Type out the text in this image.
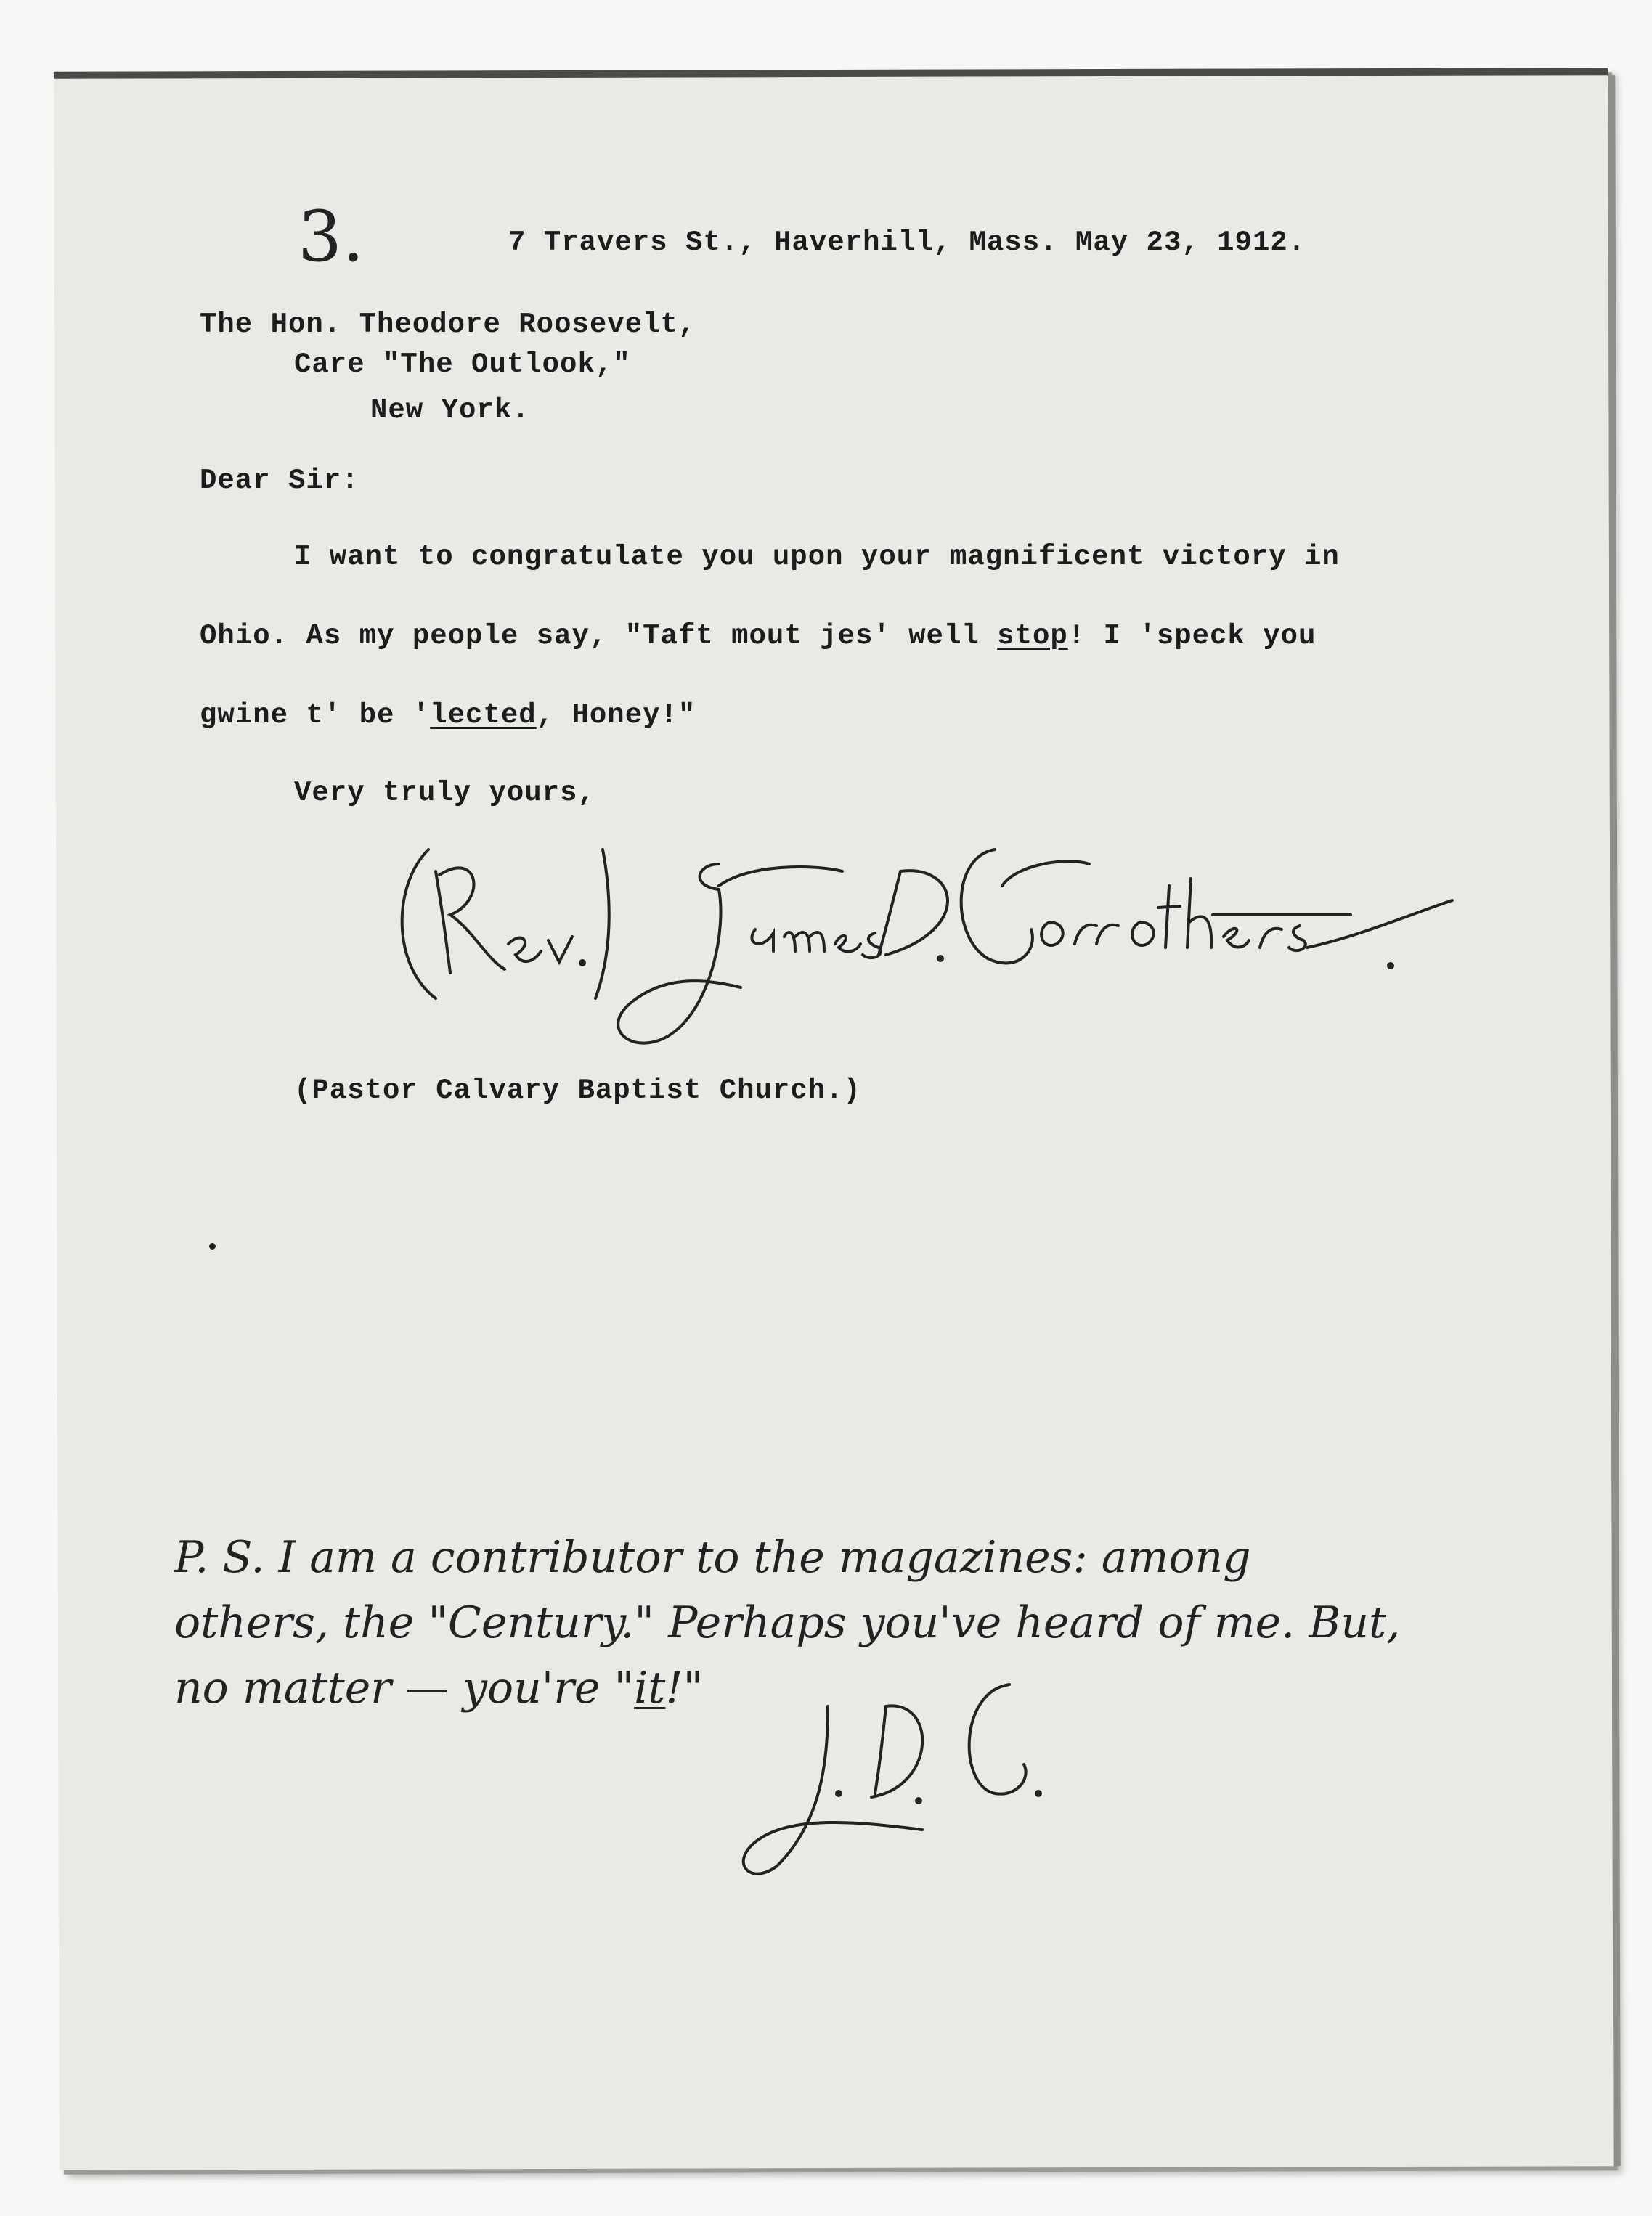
3.	7 Travers St., Haverhill, Mass. May 23, 1912.

The Hon. Theodore Roosevelt,

Care "The Outlook,"

New York.

Dear Sir:

I want to congratulate you upon your magnificent victory in

Ohio. As my people say, "Taft mout jes' well stop! I 'speck you

gwine t' be 'lected, Honey!"

Very truly yours,

(Pastor Calvary Baptist Church.)

P. S. I am a contributor to the magazines: among

others, the "Century." Perhaps you've heard of me. But,

no matter — you're "it!"
